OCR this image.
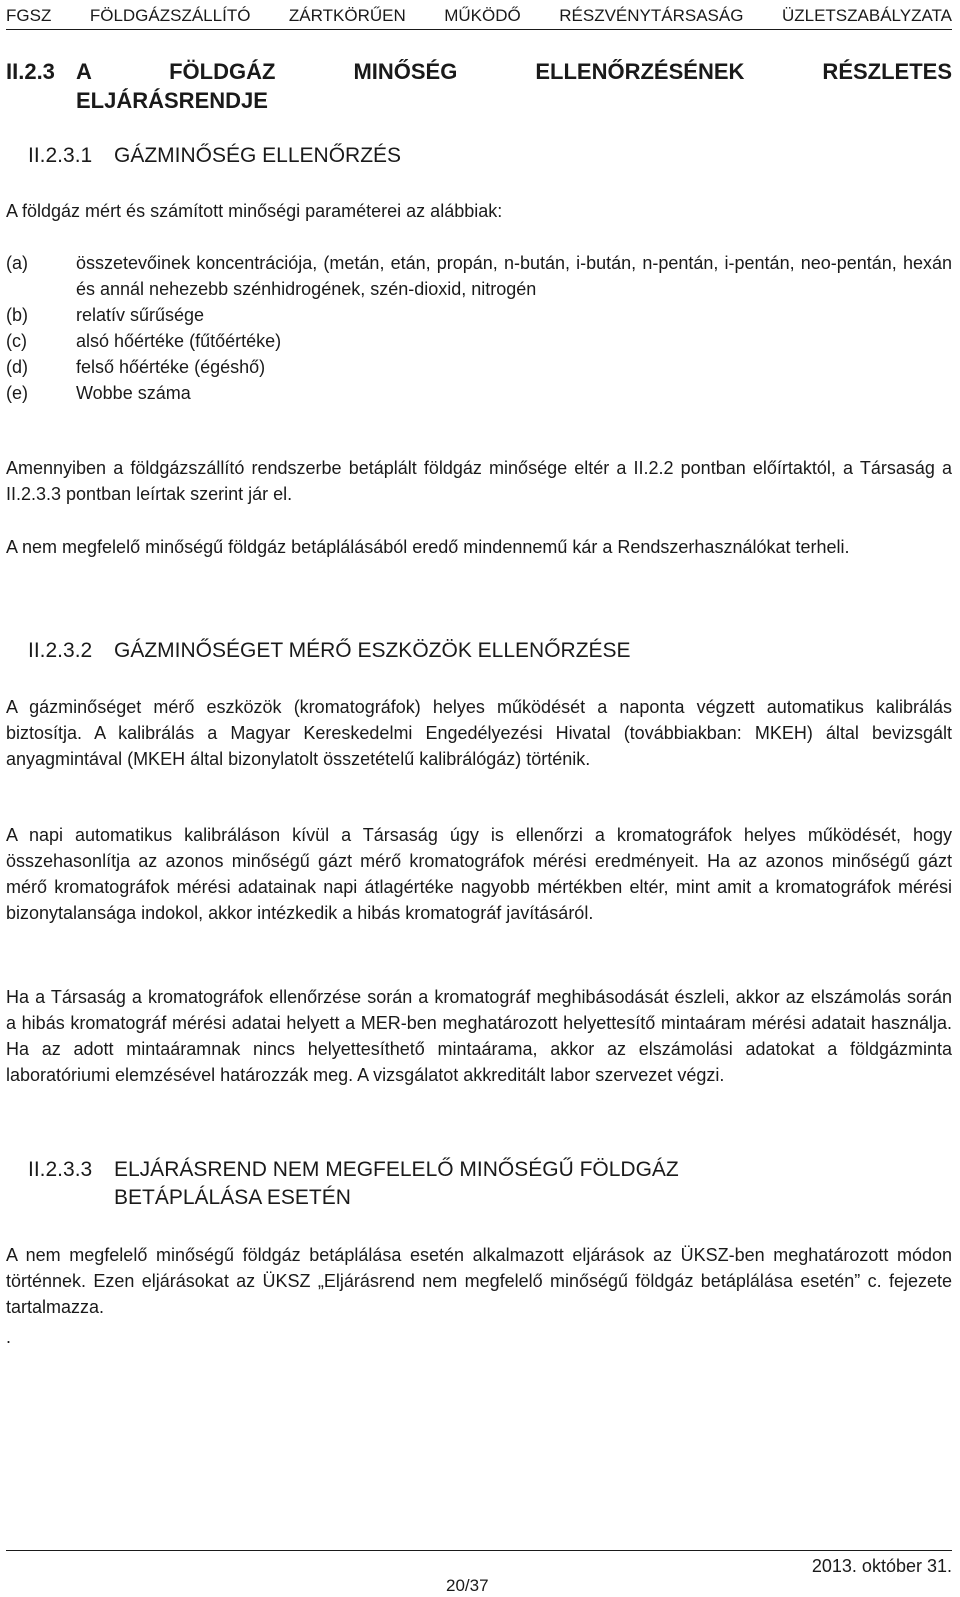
FGSZ FÖLDGÁZSZÁLLÍTÓ ZÁRTKÖRŰEN MŰKÖDŐ RÉSZVÉNYTÁRSASÁG ÜZLETSZABÁLYZATA
II.2.3 A FÖLDGÁZ MINŐSÉG ELLENŐRZÉSÉNEK RÉSZLETES
ELJÁRÁSRENDJE
II.2.3.1 GÁZMINŐSÉG ELLENŐRZÉS

A földgáz mért és számított minőségi paraméterei az alábbiak:

(a)	összetevőinek koncentrációja, (metán, etán, propán, n-bután, i-bután, n-pentán, i-pentán, neo-pentán, hexán és annál nehezebb szénhidrogének, szén-dioxid, nitrogén
(b)	relatív sűrűsége
(c)	alsó hőértéke (fűtőértéke)
(d)	felső hőértéke (égéshő)
(e)	Wobbe száma

Amennyiben a földgázszállító rendszerbe betáplált földgáz minősége eltér a II.2.2 pontban előírtaktól, a Társaság a II.2.3.3 pontban leírtak szerint jár el.

A nem megfelelő minőségű földgáz betáplálásából eredő mindennemű kár a Rendszerhasználókat terheli.

II.2.3.2 GÁZMINŐSÉGET MÉRŐ ESZKÖZÖK ELLENŐRZÉSE

A gázminőséget mérő eszközök (kromatográfok) helyes működését a naponta végzett automatikus kalibrálás biztosítja. A kalibrálás a Magyar Kereskedelmi Engedélyezési Hivatal (továbbiakban: MKEH) által bevizsgált anyagmintával (MKEH által bizonylatolt összetételű kalibrálógáz) történik.

A napi automatikus kalibráláson kívül a Társaság úgy is ellenőrzi a kromatográfok helyes működését, hogy összehasonlítja az azonos minőségű gázt mérő kromatográfok mérési eredményeit. Ha az azonos minőségű gázt mérő kromatográfok mérési adatainak napi átlagértéke nagyobb mértékben eltér, mint amit a kromatográfok mérési bizonytalansága indokol, akkor intézkedik a hibás kromatográf javításáról.

Ha a Társaság a kromatográfok ellenőrzése során a kromatográf meghibásodását észleli, akkor az elszámolás során a hibás kromatográf mérési adatai helyett a MER-ben meghatározott helyettesítő mintaáram mérési adatait használja. Ha az adott mintaáramnak nincs helyettesíthető mintaárama, akkor az elszámolási adatokat a földgázminta laboratóriumi elemzésével határozzák meg. A vizsgálatot akkreditált labor szervezet végzi.

II.2.3.3 ELJÁRÁSREND NEM MEGFELELŐ MINŐSÉGŰ FÖLDGÁZ
BETÁPLÁLÁSA ESETÉN

A nem megfelelő minőségű földgáz betáplálása esetén alkalmazott eljárások az ÜKSZ-ben meghatározott módon történnek. Ezen eljárásokat az ÜKSZ „Eljárásrend nem megfelelő minőségű földgáz betáplálása esetén” c. fejezete tartalmazza.

.

2013. október 31.
20/37
